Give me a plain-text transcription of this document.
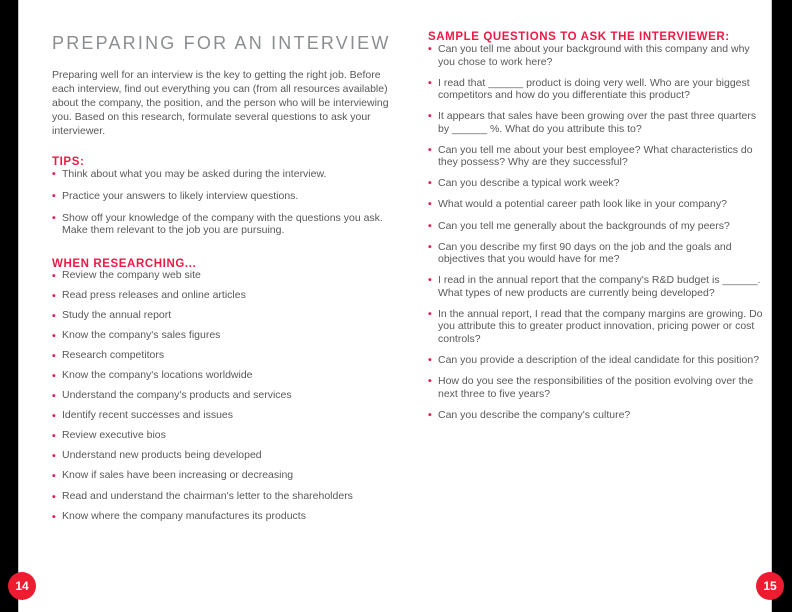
14	15
PREPARING FOR AN INTERVIEW

Preparing well for an interview is the key to getting the right job. Before each interview, find out everything you can (from all resources available) about the company, the position, and the person who will be interviewing you. Based on this research, formulate several questions to ask your interviewer.

TIPS:
• Think about what you may be asked during the interview.
• Practice your answers to likely interview questions.
• Show off your knowledge of the company with the questions you ask. Make them relevant to the job you are pursuing.
WHEN RESEARCHING...
• Review the company web site
• Read press releases and online articles
• Study the annual report
• Know the company's sales figures
• Research competitors
• Know the company's locations worldwide
• Understand the company's products and services
• Identify recent successes and issues
• Review executive bios
• Understand new products being developed
• Know if sales have been increasing or decreasing
• Read and understand the chairman's letter to the shareholders
• Know where the company manufactures its products
SAMPLE QUESTIONS TO ASK THE INTERVIEWER:
• Can you tell me about your background with this company and why you chose to work here?
• I read that ______ product is doing very well. Who are your biggest competitors and how do you differentiate this product?
• It appears that sales have been growing over the past three quarters by ______ %. What do you attribute this to?
• Can you tell me about your best employee? What characteristics do they possess? Why are they successful?
• Can you describe a typical work week?
• What would a potential career path look like in your company?
• Can you tell me generally about the backgrounds of my peers?
• Can you describe my first 90 days on the job and the goals and objectives that you would have for me?
• I read in the annual report that the company's R&D budget is ______. What types of new products are currently being developed?
• In the annual report, I read that the company margins are growing. Do you attribute this to greater product innovation, pricing power or cost controls?
• Can you provide a description of the ideal candidate for this position?
• How do you see the responsibilities of the position evolving over the next three to five years?
• Can you describe the company's culture?
